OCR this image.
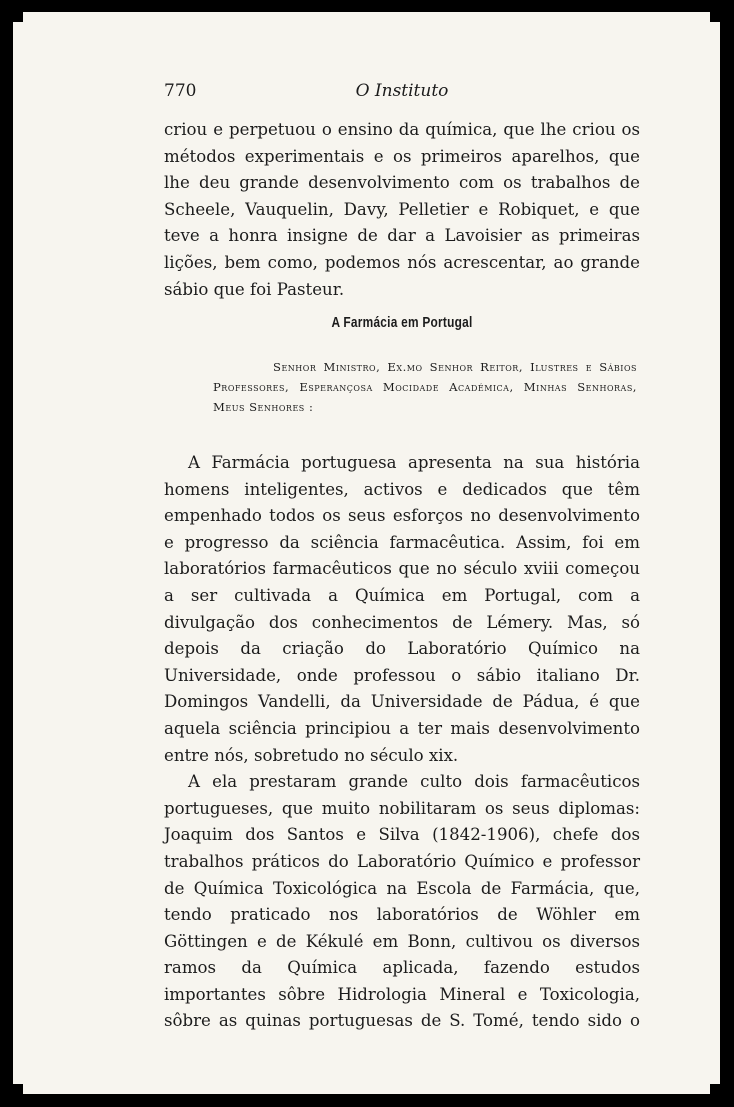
770	O Instituto

criou e perpetuou o ensino da química, que lhe criou os métodos experimentais e os primeiros aparelhos, que lhe deu grande desenvolvimento com os trabalhos de Scheele, Vauquelin, Davy, Pelletier e Robiquet, e que teve a honra insigne de dar a Lavoisier as primeiras lições, bem como, podemos nós acrescentar, ao grande sábio que foi Pasteur.

A Farmácia em Portugal
Senhor Ministro, Ex.mo Senhor Reitor, Ilustres e Sábios Professores, Esperançosa Mocidade Académica, Minhas Senhoras, Meus Senhores :

A Farmácia portuguesa apresenta na sua história homens inteligentes, activos e dedicados que têm empenhado todos os seus esforços no desenvolvimento e progresso da sciência farmacêutica. Assim, foi em laboratórios farmacêuticos que no século xviii começou a ser cultivada a Química em Portugal, com a divulgação dos conhecimentos de Lémery. Mas, só depois da criação do Laboratório Químico na Universidade, onde professou o sábio italiano Dr. Domingos Vandelli, da Universidade de Pádua, é que aquela sciência principiou a ter mais desenvolvimento entre nós, sobretudo no século xix.

A ela prestaram grande culto dois farmacêuticos portugueses, que muito nobilitaram os seus diplomas: Joaquim dos Santos e Silva (1842-1906), chefe dos trabalhos práticos do Laboratório Químico e professor de Química Toxicológica na Escola de Farmácia, que, tendo praticado nos laboratórios de Wöhler em Göttingen e de Kékulé em Bonn, cultivou os diversos ramos da Química aplicada, fazendo estudos importantes sôbre Hidrologia Mineral e Toxicologia, sôbre as quinas portuguesas de S. Tomé, tendo sido o
